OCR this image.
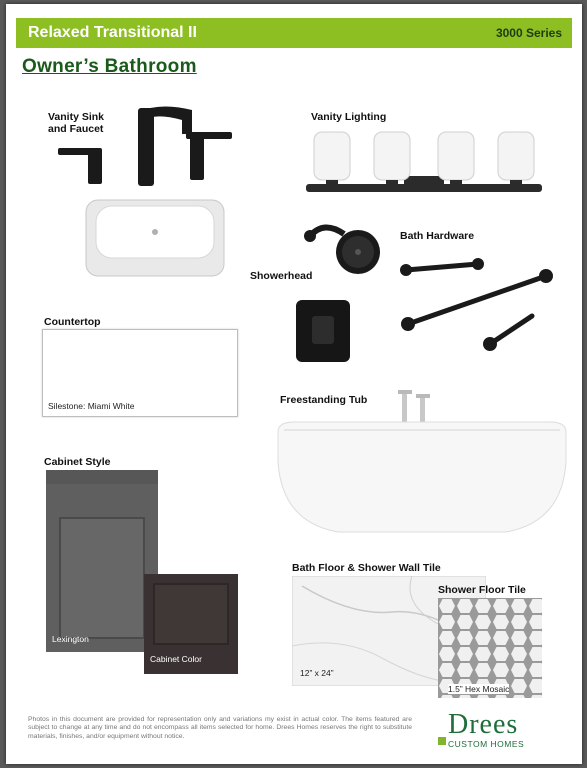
Relaxed Transitional II	3000 Series
Owner’s Bathroom
Vanity Sink
and Faucet
Vanity Lighting
Showerhead
Bath Hardware
Countertop
Silestone: Miami White	Freestanding Tub
Cabinet Style
Lexington
Cabinet Color
Bath Floor & Shower Wall Tile
12” x 24”
Shower Floor Tile
1.5” Hex Mosaic
Photos in this document are provided for representation only and variations my exist in actual color. The items featured are subject to change at any time and do not encompass all items selected for home. Drees Homes reserves the right to substitute materials, finishes, and/or equipment without notice.	Drees
CUSTOM HOMES
